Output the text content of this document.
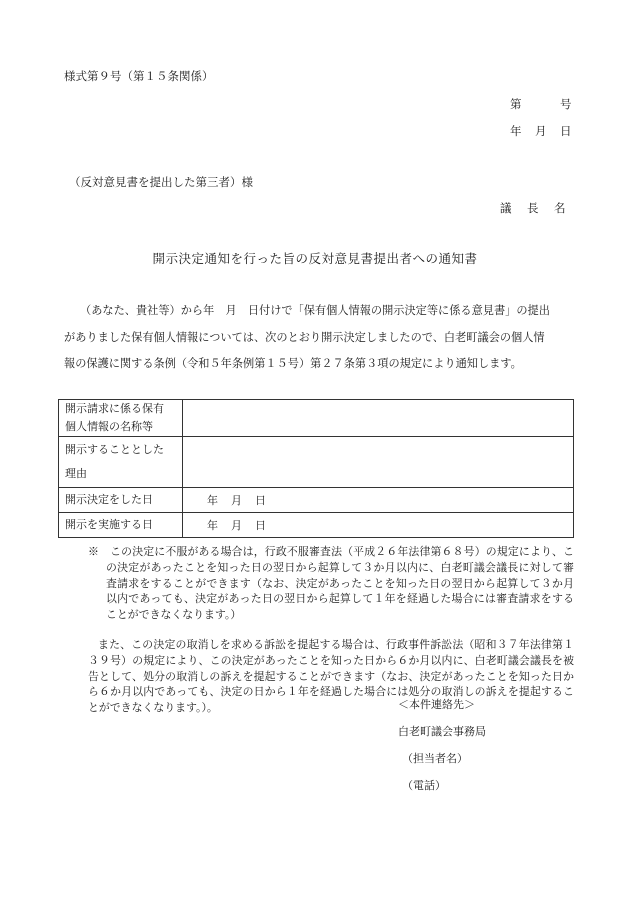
様式第９号（第１５条関係）
第　　　号
年　月　日
（反対意見書を提出した第三者）様
議　長　名
開示決定通知を行った旨の反対意見書提出者への通知書
（あなた、貴社等）から年　月　日付けで「保有個人情報の開示決定等に係る意見書」の提出
がありました保有個人情報については、次のとおり開示決定しましたので、白老町議会の個人情
報の保護に関する条例（令和５年条例第１５号）第２７条第３項の規定により通知します。
開示請求に係る保有
個人情報の名称等	

開示することとした
理由	

開示決定をした日	年　月　日
開示を実施する日	年　月　日

※　この決定に不服がある場合は，行政不服審査法（平成２６年法律第６８号）の規定により、この決定があったことを知った日の翌日から起算して３か月以内に、白老町議会議長に対して審　査請求をすることができます（なお、決定があったことを知った日の翌日から起算して３か月以内であっても、決定があった日の翌日から起算して１年を経過した場合には審査請求をすることができなくなります。）

また、この決定の取消しを求める訴訟を提起する場合は、行政事件訴訟法（昭和３７年法律第１３９号）の規定により、この決定があったことを知った日から６か月以内に、白老町議会議長を被告として、処分の取消しの訴えを提起することができます（なお、決定があったことを知った日から６か月以内であっても、決定の日から１年を経過した場合には処分の取消しの訴えを提起することができなくなります。）。	＜本件連絡先＞
白老町議会事務局
（担当者名）
（電話）
